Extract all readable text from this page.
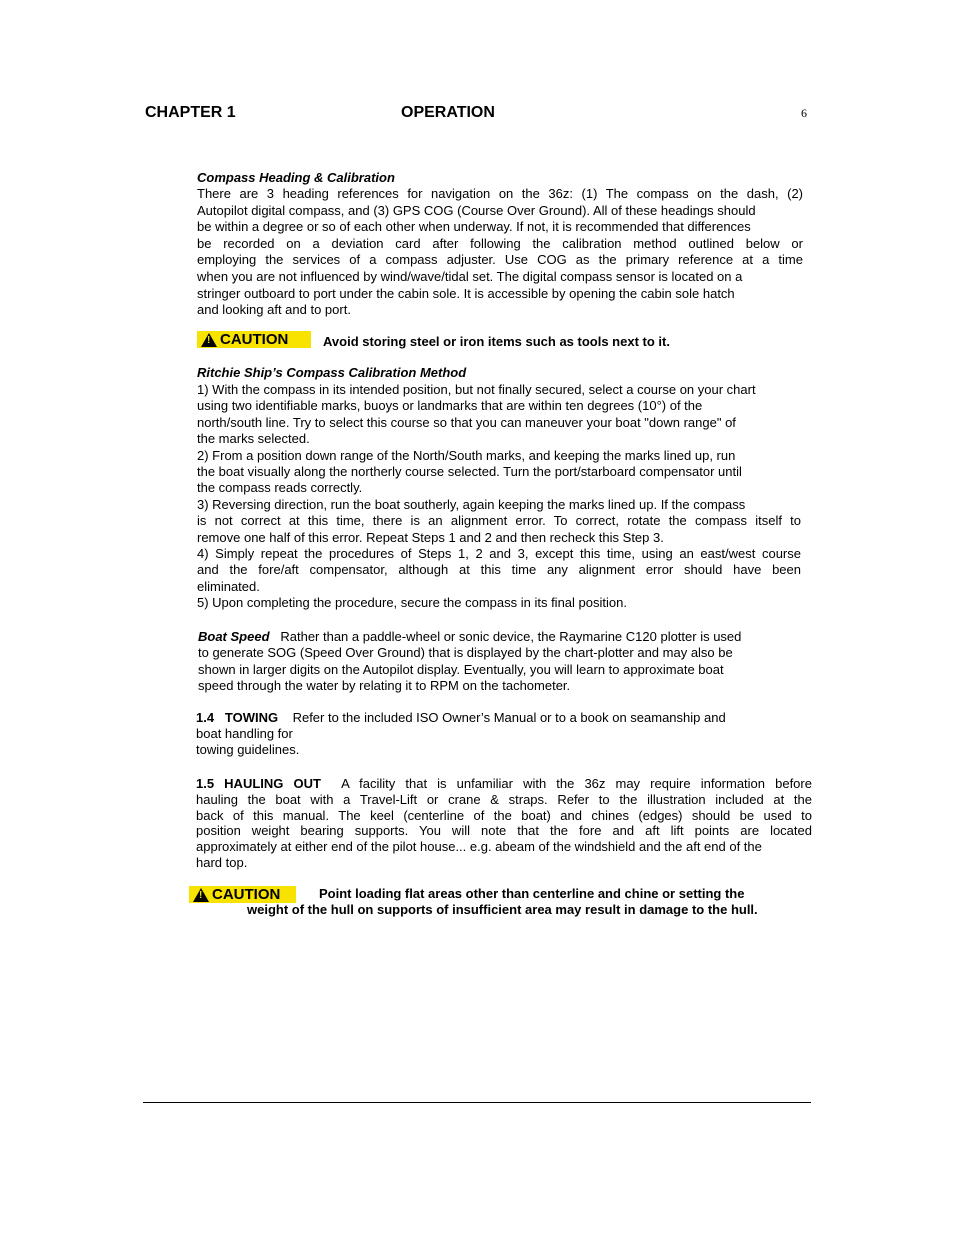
CHAPTER 1	OPERATION	6
Compass Heading & Calibration
There are 3 heading references for navigation on the 36z: (1) The compass on the dash, (2)
Autopilot digital compass, and (3) GPS COG (Course Over Ground). All of these headings should
be within a degree or so of each other when underway. If not, it is recommended that differences
be recorded on a deviation card after following the calibration method outlined below or
employing the services of a compass adjuster. Use COG as the primary reference at a time
when you are not influenced by wind/wave/tidal set. The digital compass sensor is located on a
stringer outboard to port under the cabin sole. It is accessible by opening the cabin sole hatch
and looking aft and to port.
! CAUTION	Avoid storing steel or iron items such as tools next to it.
Ritchie Ship’s Compass Calibration Method
1) With the compass in its intended position, but not finally secured, select a course on your chart
using two identifiable marks, buoys or landmarks that are within ten degrees (10°) of the
north/south line. Try to select this course so that you can maneuver your boat "down range" of
the marks selected.
2) From a position down range of the North/South marks, and keeping the marks lined up, run
the boat visually along the northerly course selected. Turn the port/starboard compensator until
the compass reads correctly.
3) Reversing direction, run the boat southerly, again keeping the marks lined up. If the compass
is not correct at this time, there is an alignment error. To correct, rotate the compass itself to
remove one half of this error. Repeat Steps 1 and 2 and then recheck this Step 3.
4) Simply repeat the procedures of Steps 1, 2 and 3, except this time, using an east/west course
and the fore/aft compensator, although at this time any alignment error should have been
eliminated.
5) Upon completing the procedure, secure the compass in its final position.
Boat Speed Rather than a paddle-wheel or sonic device, the Raymarine C120 plotter is used
to generate SOG (Speed Over Ground) that is displayed by the chart-plotter and may also be
shown in larger digits on the Autopilot display. Eventually, you will learn to approximate boat
speed through the water by relating it to RPM on the tachometer.
1.4 TOWING Refer to the included ISO Owner’s Manual or to a book on seamanship and
boat handling for
towing guidelines.
1.5 HAULING OUT A facility that is unfamiliar with the 36z may require information before
hauling the boat with a Travel-Lift or crane & straps. Refer to the illustration included at the
back of this manual. The keel (centerline of the boat) and chines (edges) should be used to
position weight bearing supports. You will note that the fore and aft lift points are located
approximately at either end of the pilot house... e.g. abeam of the windshield and the aft end of the
hard top.
! CAUTION	Point loading flat areas other than centerline and chine or setting the
weight of the hull on supports of insufficient area may result in damage to the hull.
